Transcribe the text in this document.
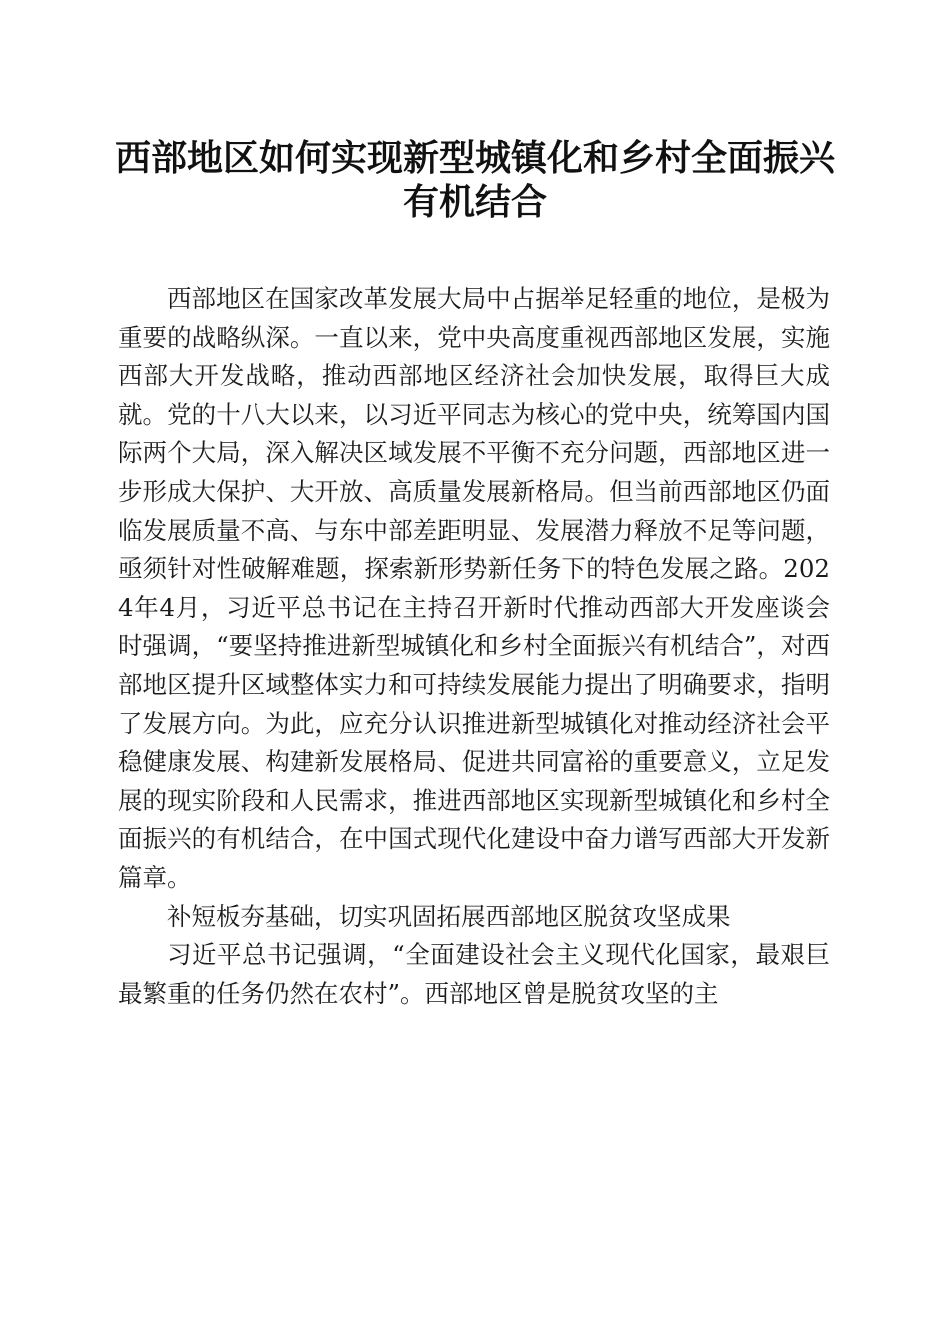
西部地区如何实现新型城镇化和乡村全面振兴
有机结合

西部地区在国家改革发展大局中占据举足轻重的地位，是极为重要的战略纵深。一直以来，党中央高度重视西部地区发展，实施西部大开发战略，推动西部地区经济社会加快发展，取得巨大成就。党的十八大以来，以习近平同志为核心的党中央，统筹国内国际两个大局，深入解决区域发展不平衡不充分问题，西部地区进一步形成大保护、大开放、高质量发展新格局。但当前西部地区仍面临发展质量不高、与东中部差距明显、发展潜力释放不足等问题，亟须针对性破解难题，探索新形势新任务下的特色发展之路。2024年4月，习近平总书记在主持召开新时代推动西部大开发座谈会时强调，“要坚持推进新型城镇化和乡村全面振兴有机结合”，对西部地区提升区域整体实力和可持续发展能力提出了明确要求，指明了发展方向。为此，应充分认识推进新型城镇化对推动经济社会平稳健康发展、构建新发展格局、促进共同富裕的重要意义，立足发展的现实阶段和人民需求，推进西部地区实现新型城镇化和乡村全面振兴的有机结合，在中国式现代化建设中奋力谱写西部大开发新篇章。

补短板夯基础，切实巩固拓展西部地区脱贫攻坚成果

习近平总书记强调，“全面建设社会主义现代化国家，最艰巨最繁重的任务仍然在农村”。西部地区曾是脱贫攻坚的主
